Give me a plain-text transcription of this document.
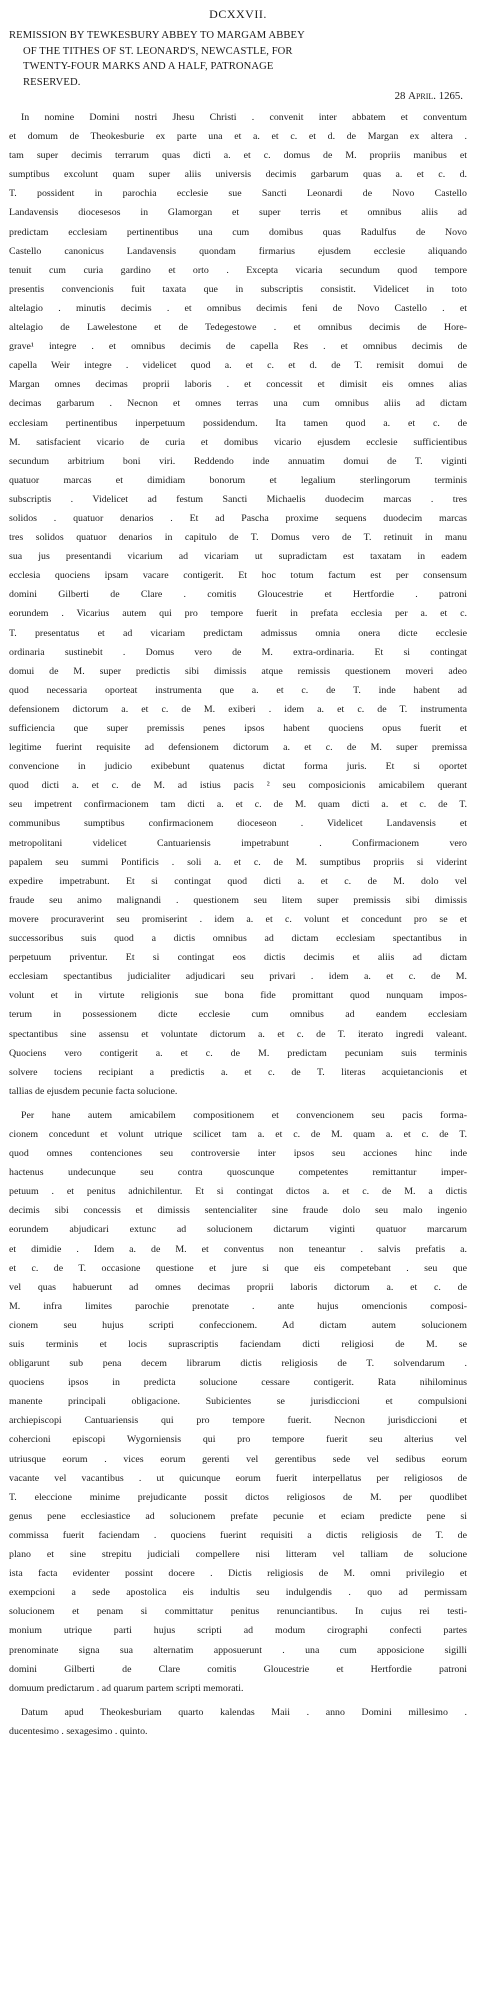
DCXXVII.
REMISSION BY TEWKESBURY ABBEY TO MARGAM ABBEY
OF THE TITHES OF ST. LEONARD'S, NEWCASTLE, FOR
TWENTY-FOUR MARKS AND A HALF, PATRONAGE
RESERVED.
28 April. 1265.
In nomine Domini nostri Jhesu Christi . convenit inter abbatem et conventum
et domum de Theokesburie ex parte una et a. et c. et d. de Margan ex altera .
tam super decimis terrarum quas dicti a. et c. domus de M. propriis manibus et
sumptibus excolunt quam super aliis universis decimis garbarum quas a. et c. d.
T. possident in parochia ecclesie sue Sancti Leonardi de Novo Castello
Landavensis diocesesos in Glamorgan et super terris et omnibus aliis ad
predictam ecclesiam pertinentibus una cum domibus quas Radulfus de Novo
Castello canonicus Landavensis quondam firmarius ejusdem ecclesie aliquando
tenuit cum curia gardino et orto . Excepta vicaria secundum quod tempore
presentis convencionis fuit taxata que in subscriptis consistit. Videlicet in toto
altelagio . minutis decimis . et omnibus decimis feni de Novo Castello . et
altelagio de Lawelestone et de Tedegestowe . et omnibus decimis de Hore-
grave¹ integre . et omnibus decimis de capella Res . et omnibus decimis de
capella Weir integre . videlicet quod a. et c. et d. de T. remisit domui de
Margan omnes decimas proprii laboris . et concessit et dimisit eis omnes alias
decimas garbarum . Necnon et omnes terras una cum omnibus aliis ad dictam
ecclesiam pertinentibus inperpetuum possidendum. Ita tamen quod a. et c. de
M. satisfacient vicario de curia et domibus vicario ejusdem ecclesie sufficientibus
secundum arbitrium boni viri. Reddendo inde annuatim domui de T. viginti
quatuor marcas et dimidiam bonorum et legalium sterlingorum terminis
subscriptis . Videlicet ad festum Sancti Michaelis duodecim marcas . tres
solidos . quatuor denarios . Et ad Pascha proxime sequens duodecim marcas
tres solidos quatuor denarios in capitulo de T. Domus vero de T. retinuit in manu
sua jus presentandi vicarium ad vicariam ut supradictam est taxatam in eadem
ecclesia quociens ipsam vacare contigerit. Et hoc totum factum est per consensum
domini Gilberti de Clare . comitis Gloucestrie et Hertfordie . patroni
eorundem . Vicarius autem qui pro tempore fuerit in prefata ecclesia per a. et c.
T. presentatus et ad vicariam predictam admissus omnia onera dicte ecclesie
ordinaria sustinebit . Domus vero de M. extra-ordinaria. Et si contingat
domui de M. super predictis sibi dimissis atque remissis questionem moveri adeo
quod necessaria oporteat instrumenta que a. et c. de T. inde habent ad
defensionem dictorum a. et c. de M. exiberi . idem a. et c. de T. instrumenta
sufficiencia que super premissis penes ipsos habent quociens opus fuerit et
legitime fuerint requisite ad defensionem dictorum a. et c. de M. super premissa
convencione in judicio exibebunt quatenus dictat forma juris. Et si oportet
quod dicti a. et c. de M. ad istius pacis ² seu composicionis amicabilem querant
seu impetrent confirmacionem tam dicti a. et c. de M. quam dicti a. et c. de T.
communibus sumptibus confirmacionem dioceseon . Videlicet Landavensis et
metropolitani videlicet Cantuariensis impetrabunt . Confirmacionem vero
papalem seu summi Pontificis . soli a. et c. de M. sumptibus propriis si viderint
expedire impetrabunt. Et si contingat quod dicti a. et c. de M. dolo vel
fraude seu animo malignandi . questionem seu litem super premissis sibi dimissis
movere procuraverint seu promiserint . idem a. et c. volunt et concedunt pro se et
successoribus suis quod a dictis omnibus ad dictam ecclesiam spectantibus in
perpetuum priventur. Et si contingat eos dictis decimis et aliis ad dictam
ecclesiam spectantibus judicialiter adjudicari seu privari . idem a. et c. de M.
volunt et in virtute religionis sue bona fide promittant quod nunquam impos-
terum in possessionem dicte ecclesie cum omnibus ad eandem ecclesiam
spectantibus sine assensu et voluntate dictorum a. et c. de T. iterato ingredi valeant.
Quociens vero contigerit a. et c. de M. predictam pecuniam suis terminis
solvere tociens recipiant a predictis a. et c. de T. literas acquietancionis et
tallias de ejusdem pecunie facta solucione.
Per hane autem amicabilem compositionem et convencionem seu pacis forma-
cionem concedunt et volunt utrique scilicet tam a. et c. de M. quam a. et c. de T.
quod omnes contenciones seu controversie inter ipsos seu acciones hinc inde
hactenus undecunque seu contra quoscunque competentes remittantur imper-
petuum . et penitus adnichilentur. Et si contingat dictos a. et c. de M. a dictis
decimis sibi concessis et dimissis sentencialiter sine fraude dolo seu malo ingenio
eorundem abjudicari extunc ad solucionem dictarum viginti quatuor marcarum
et dimidie . Idem a. de M. et conventus non teneantur . salvis prefatis a.
et c. de T. occasione questione et jure si que eis competebant . seu que
vel quas habuerunt ad omnes decimas proprii laboris dictorum a. et c. de
M. infra limites parochie prenotate . ante hujus omencionis composi-
cionem seu hujus scripti confeccionem. Ad dictam autem solucionem
suis terminis et locis suprascriptis faciendam dicti religiosi de M. se
obligarunt sub pena decem librarum dictis religiosis de T. solvendarum .
quociens ipsos in predicta solucione cessare contigerit. Rata nihilominus
manente principali obligacione. Subicientes se jurisdiccioni et compulsioni
archiepiscopi Cantuariensis qui pro tempore fuerit. Necnon jurisdiccioni et
cohercioni episcopi Wygorniensis qui pro tempore fuerit seu alterius vel
utriusque eorum . vices eorum gerenti vel gerentibus sede vel sedibus eorum
vacante vel vacantibus . ut quicunque eorum fuerit interpellatus per religiosos de
T. eleccione minime prejudicante possit dictos religiosos de M. per quodlibet
genus pene ecclesiastice ad solucionem prefate pecunie et eciam predicte pene si
commissa fuerit faciendam . quociens fuerint requisiti a dictis religiosis de T. de
plano et sine strepitu judiciali compellere nisi litteram vel talliam de solucione
ista facta evidenter possint docere . Dictis religiosis de M. omni privilegio et
exempcioni a sede apostolica eis indultis seu indulgendis . quo ad permissam
solucionem et penam si committatur penitus renunciantibus. In cujus rei testi-
monium utrique parti hujus scripti ad modum cirographi confecti partes
prenominate signa sua alternatim apposuerunt . una cum apposicione sigilli
domini Gilberti de Clare comitis Gloucestrie et Hertfordie patroni
domuum predictarum . ad quarum partem scripti memorati.
Datum apud Theokesburiam quarto kalendas Maii . anno Domini millesimo .
ducentesimo . sexagesimo . quinto.
